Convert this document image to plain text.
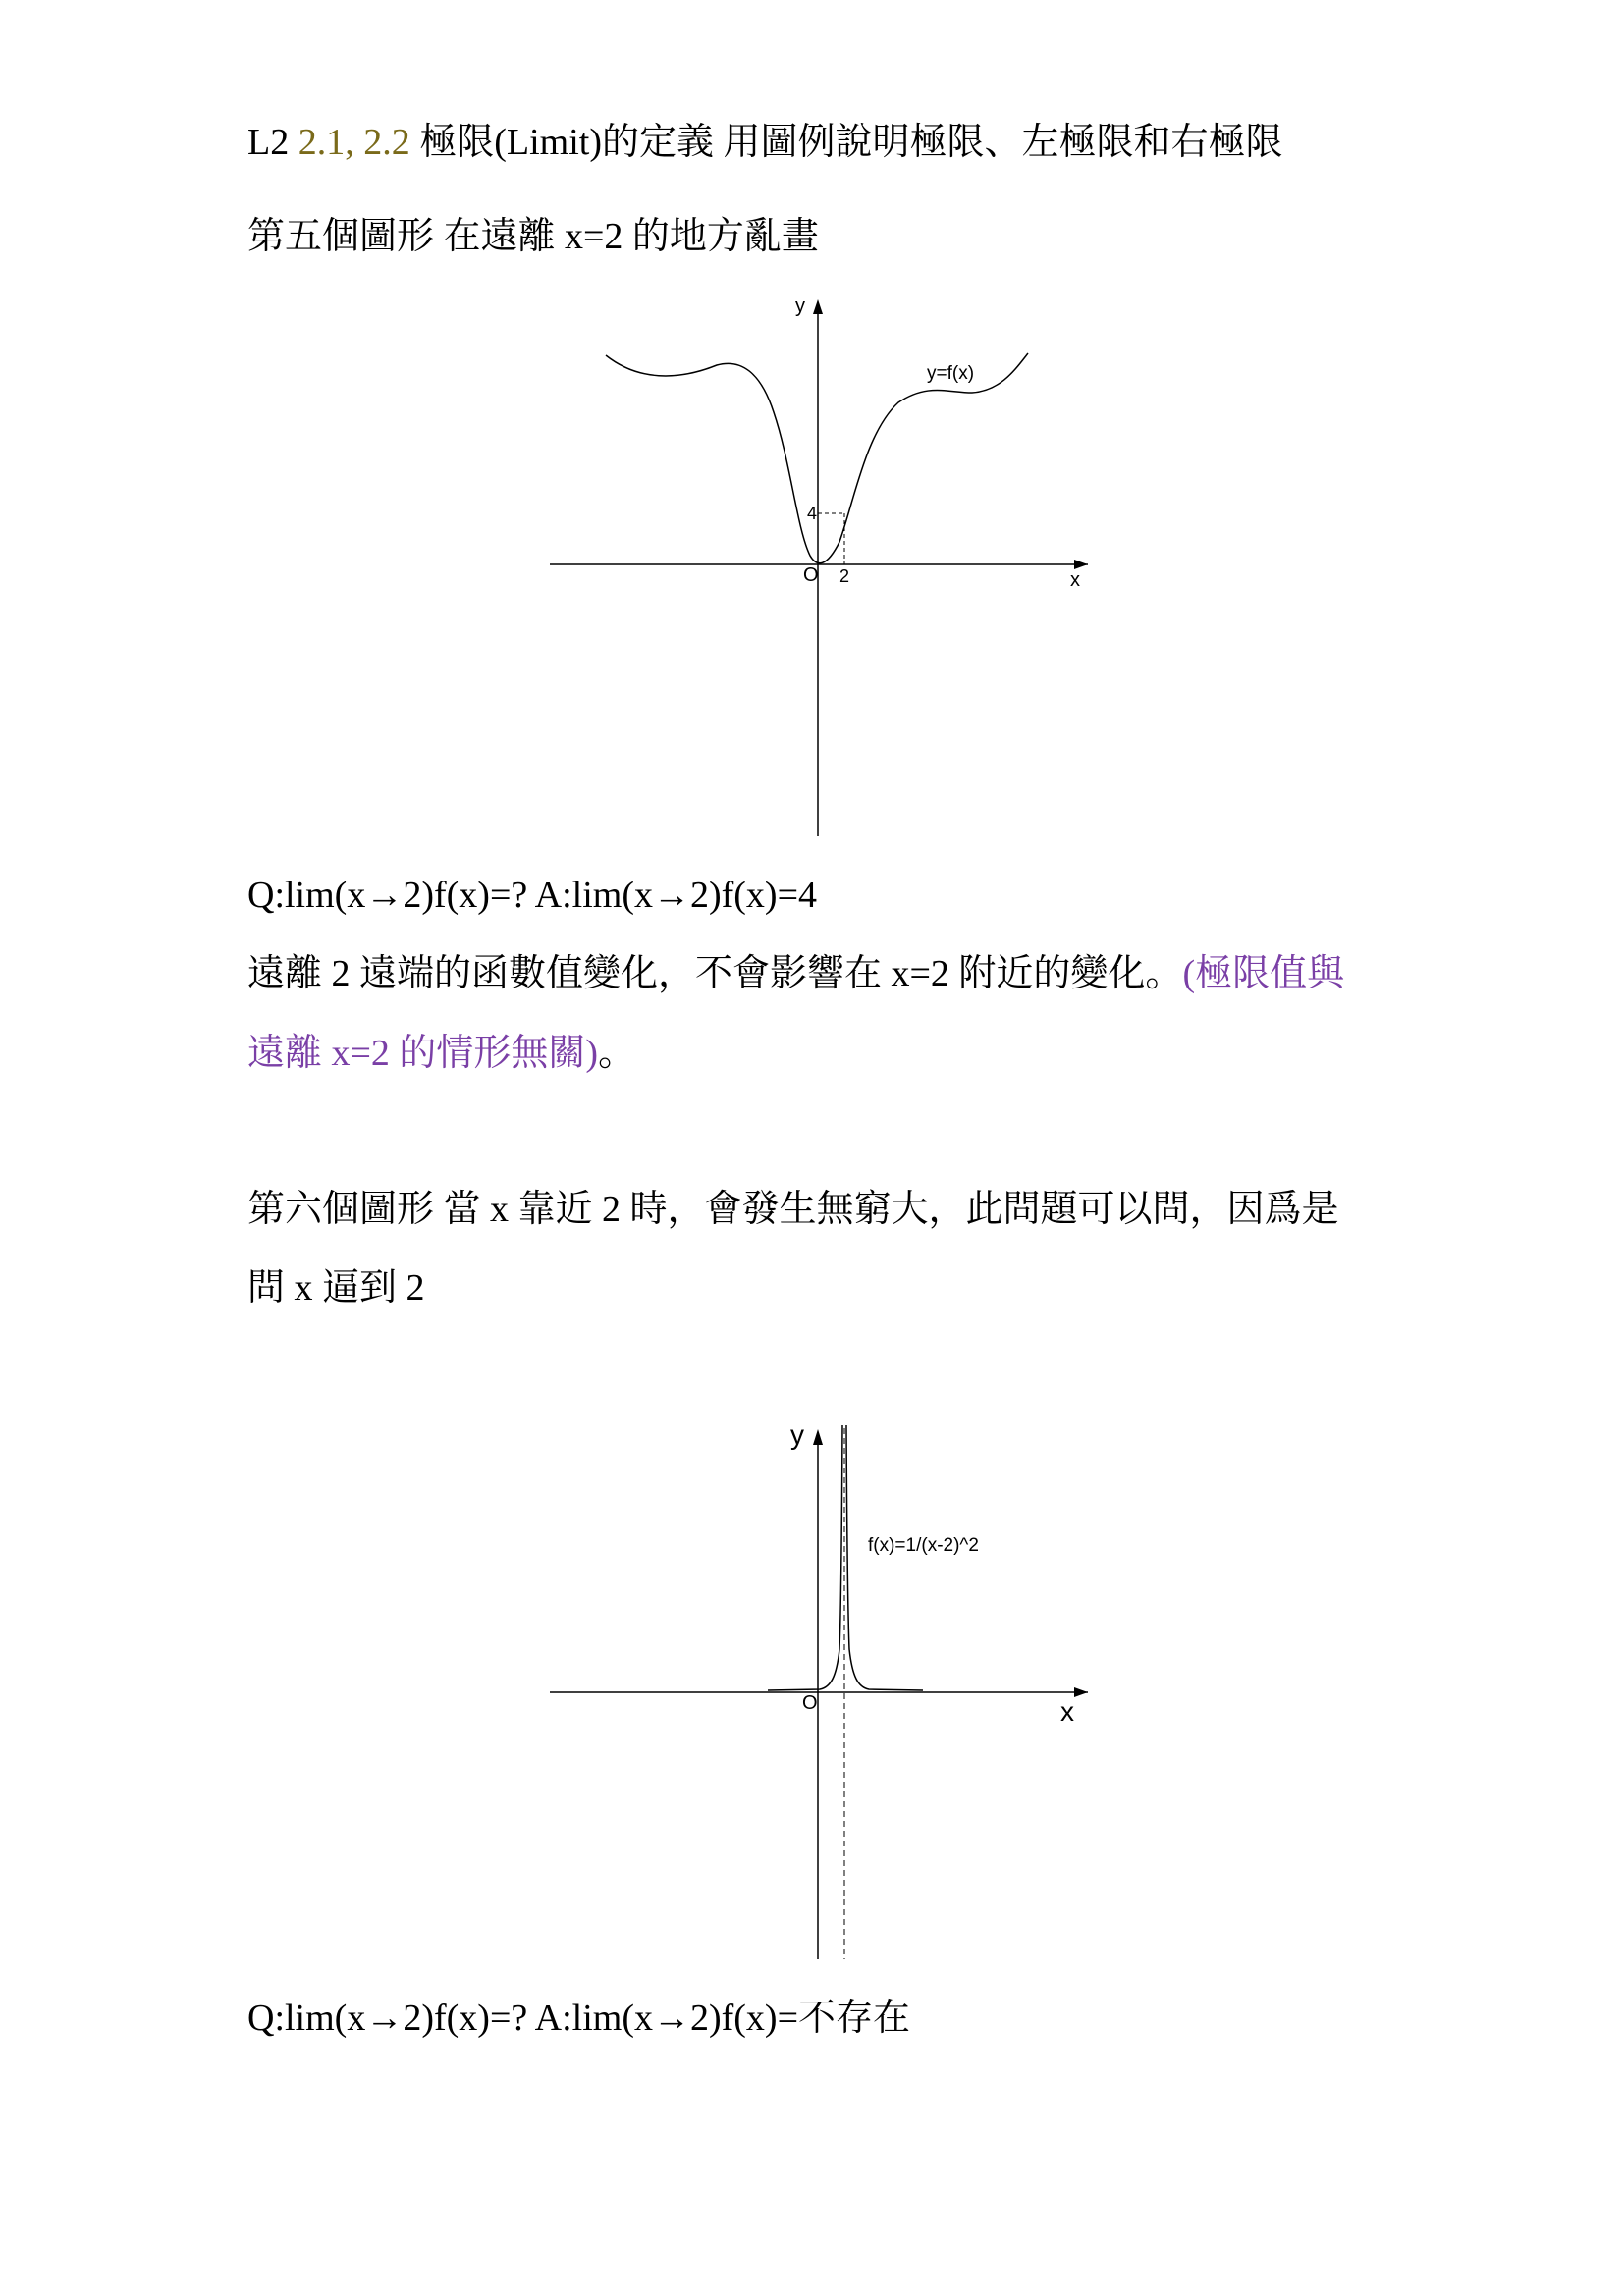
L2 2.1, 2.2 極限(Limit)的定義 用圖例說明極限、左極限和右極限
第五個圖形 在遠離 x=2 的地方亂畫
y
x
O
y=f(x)
4
2
Q:lim(x→2)f(x)=? A:lim(x→2)f(x)=4
遠離 2 遠端的函數值變化，不會影響在 x=2 附近的變化。(極限值與
遠離 x=2 的情形無關)。
第六個圖形 當 x 靠近 2 時，會發生無窮大，此問題可以問，因爲是
問 x 逼到 2
y
x
O
f(x)=1/(x-2)^2
Q:lim(x→2)f(x)=? A:lim(x→2)f(x)=不存在
